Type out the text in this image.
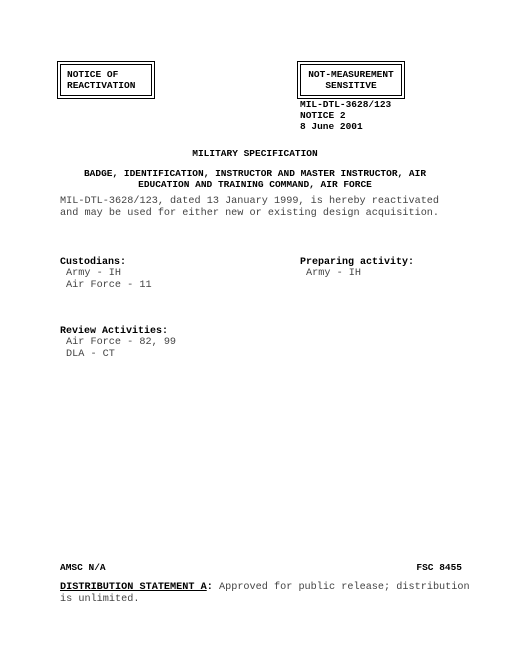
NOTICE OF
REACTIVATION
NOT-MEASUREMENT
SENSITIVE
MIL-DTL-3628/123
NOTICE 2
8 June 2001
MILITARY SPECIFICATION
BADGE, IDENTIFICATION, INSTRUCTOR AND MASTER INSTRUCTOR, AIR
EDUCATION AND TRAINING COMMAND, AIR FORCE
MIL-DTL-3628/123, dated 13 January 1999, is hereby reactivated
and may be used for either new or existing design acquisition.
Custodians:
Army - IH
Air Force - 11
Preparing activity:
Army - IH
Review Activities:
Air Force - 82, 99
DLA - CT
AMSC N/A	FSC 8455
DISTRIBUTION STATEMENT A: Approved for public release; distribution
is unlimited.
